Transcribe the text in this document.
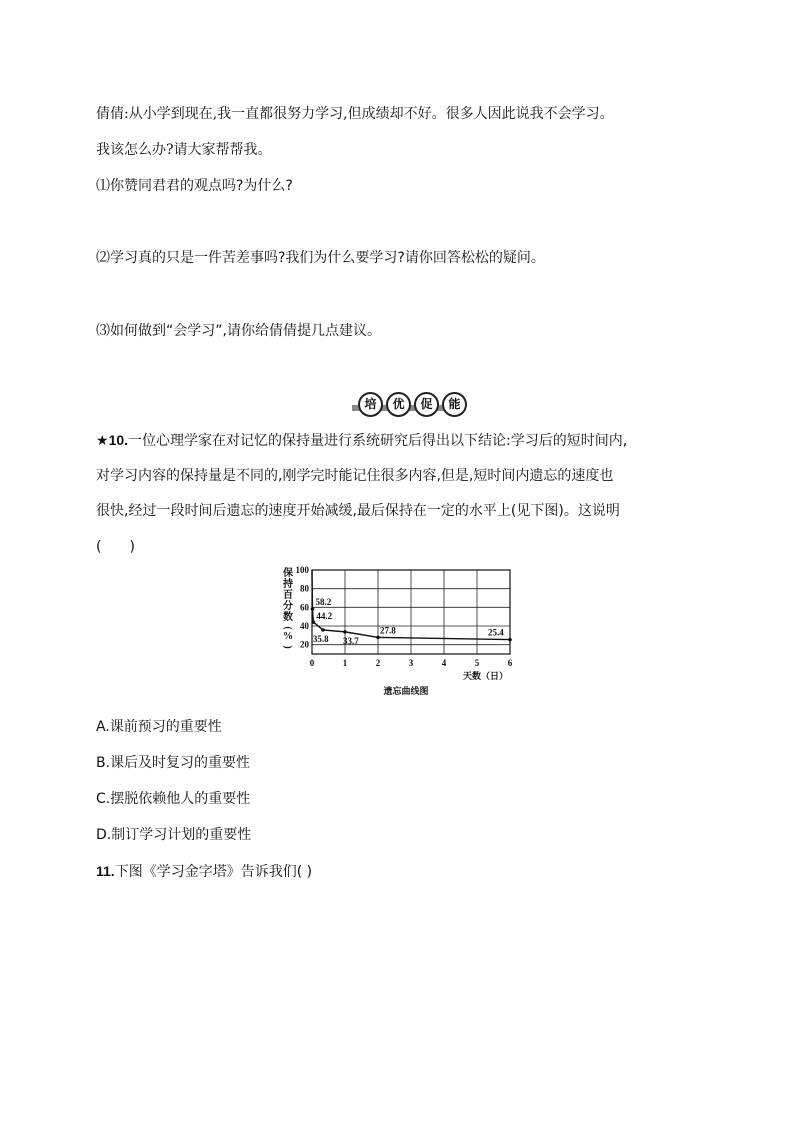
倩倩:从小学到现在,我一直都很努力学习,但成绩却不好。很多人因此说我不会学习。
我该怎么办?请大家帮帮我。
⑴你赞同君君的观点吗?为什么?
⑵学习真的只是一件苦差事吗?我们为什么要学习?请你回答松松的疑问。
⑶如何做到“会学习”,请你给倩倩提几点建议。
培	优	促	能
★10.一位心理学家在对记忆的保持量进行系统研究后得出以下结论:学习后的短时间内,
对学习内容的保持量是不同的,刚学完时能记住很多内容,但是,短时间内遗忘的速度也
很快,经过一段时间后遗忘的速度开始减缓,最后保持在一定的水平上(见下图)。这说明
(　　)
0	1	2	3	4	5	6
20
40
60
80
100
保
持
百
分
数
(
%
)
天数（日）
遗忘曲线图
58.2
44.2
35.8 33.7
27.8	25.4
A.课前预习的重要性
B.课后及时复习的重要性
C.摆脱依赖他人的重要性
D.制订学习计划的重要性
11.下图《学习金字塔》告诉我们( )
